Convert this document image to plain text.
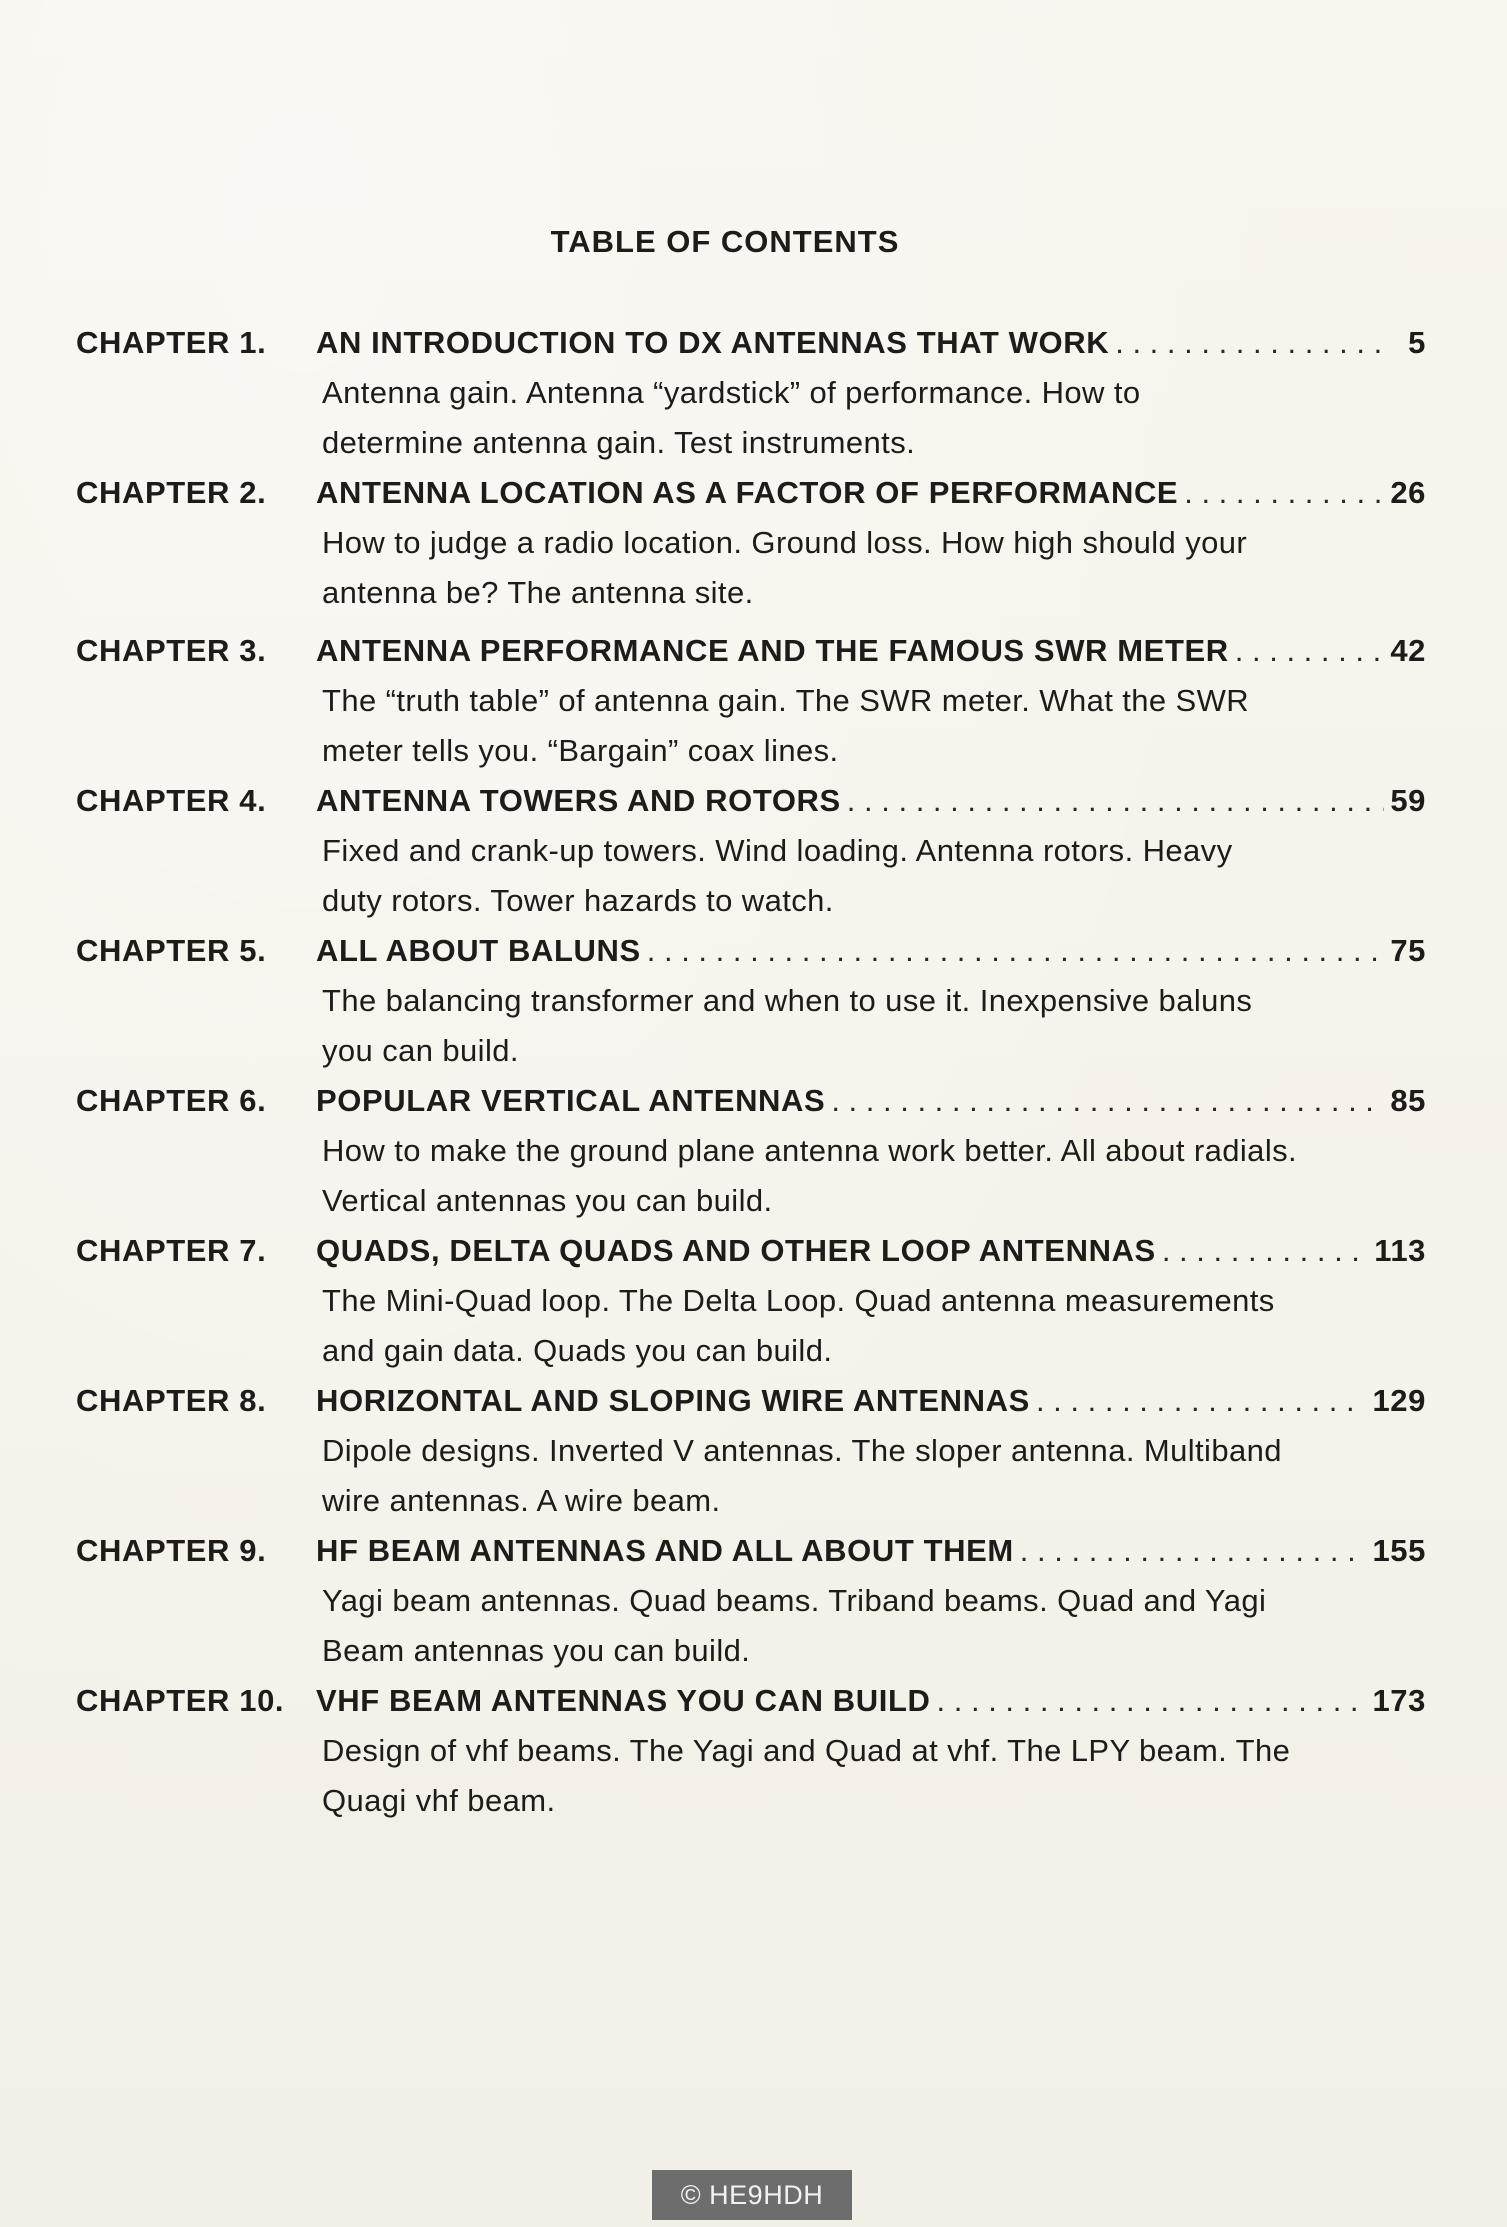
TABLE OF CONTENTS
CHAPTER 1.	AN INTRODUCTION TO DX ANTENNAS THAT WORK . . .	5
Antenna gain. Antenna “yardstick” of performance. How to
determine antenna gain. Test instruments.
CHAPTER 2.	ANTENNA LOCATION AS A FACTOR OF PERFORMANCE . . .	26
How to judge a radio location. Ground loss. How high should your
antenna be? The antenna site.
CHAPTER 3.	ANTENNA PERFORMANCE AND THE FAMOUS SWR METER . . .	42
The “truth table” of antenna gain. The SWR meter. What the SWR
meter tells you. “Bargain” coax lines.
CHAPTER 4.	ANTENNA TOWERS AND ROTORS . . .	59
Fixed and crank-up towers. Wind loading. Antenna rotors. Heavy
duty rotors. Tower hazards to watch.
CHAPTER 5.	ALL ABOUT BALUNS . . .	75
The balancing transformer and when to use it. Inexpensive baluns
you can build.
CHAPTER 6.	POPULAR VERTICAL ANTENNAS . . .	85
How to make the ground plane antenna work better. All about radials.
Vertical antennas you can build.
CHAPTER 7.	QUADS, DELTA QUADS AND OTHER LOOP ANTENNAS . . .	113
The Mini-Quad loop. The Delta Loop. Quad antenna measurements
and gain data. Quads you can build.
CHAPTER 8.	HORIZONTAL AND SLOPING WIRE ANTENNAS . . .	129
Dipole designs. Inverted V antennas. The sloper antenna. Multiband
wire antennas. A wire beam.
CHAPTER 9.	HF BEAM ANTENNAS AND ALL ABOUT THEM . . .	155
Yagi beam antennas. Quad beams. Triband beams. Quad and Yagi
Beam antennas you can build.
CHAPTER 10.	VHF BEAM ANTENNAS YOU CAN BUILD . . .	173
Design of vhf beams. The Yagi and Quad at vhf. The LPY beam. The
Quagi vhf beam.
© HE9HDH
